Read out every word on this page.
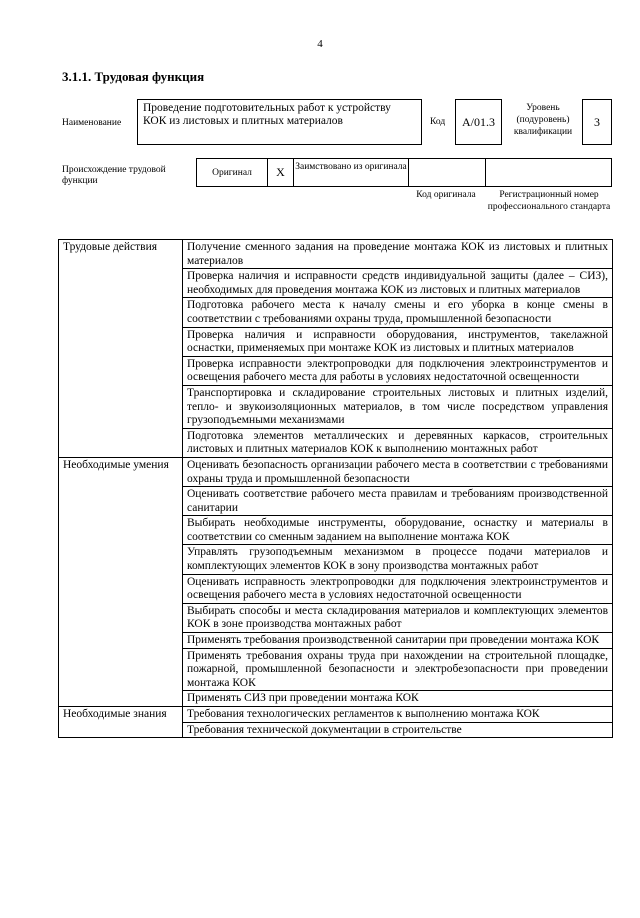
4
3.1.1. Трудовая функция
Наименование
Проведение подготовительных работ к устройству КОК из листовых и плитных материалов	Код	A/01.3
Уровень (подуровень) квалификации
3
Происхождение трудовой функции
Оригинал	X	Заимствовано из оригинала
Код оригинала	Регистрационный номер профессионального стандарта
Трудовые действия	Получение сменного задания на проведение монтажа КОК из листовых и плитных материалов
	Проверка наличия и исправности средств индивидуальной защиты (далее – СИЗ), необходимых для проведения монтажа КОК из листовых и плитных материалов
	Подготовка рабочего места к началу смены и его уборка в конце смены в соответствии с требованиями охраны труда, промышленной безопасности
	Проверка наличия и исправности оборудования, инструментов, такелажной оснастки, применяемых при монтаже КОК из листовых и плитных материалов
	Проверка исправности электропроводки для подключения электроинструментов и освещения рабочего места для работы в условиях недостаточной освещенности
	Транспортировка и складирование строительных листовых и плитных изделий, тепло- и звукоизоляционных материалов, в том числе посредством управления грузоподъемными механизмами
	Подготовка элементов металлических и деревянных каркасов, строительных листовых и плитных материалов КОК к выполнению монтажных работ
Необходимые умения	Оценивать безопасность организации рабочего места в соответствии с требованиями охраны труда и промышленной безопасности
	Оценивать соответствие рабочего места правилам и требованиям производственной санитарии
	Выбирать необходимые инструменты, оборудование, оснастку и материалы в соответствии со сменным заданием на выполнение монтажа КОК
	Управлять грузоподъемным механизмом в процессе подачи материалов и комплектующих элементов КОК в зону производства монтажных работ
	Оценивать исправность электропроводки для подключения электроинструментов и освещения рабочего места в условиях недостаточной освещенности
	Выбирать способы и места складирования материалов и комплектующих элементов КОК в зоне производства монтажных работ
	Применять требования производственной санитарии при проведении монтажа КОК
	Применять требования охраны труда при нахождении на строительной площадке, пожарной, промышленной безопасности и электробезопасности при проведении монтажа КОК
	Применять СИЗ при проведении монтажа КОК
Необходимые знания	Требования технологических регламентов к выполнению монтажа КОК
	Требования технической документации в строительстве
